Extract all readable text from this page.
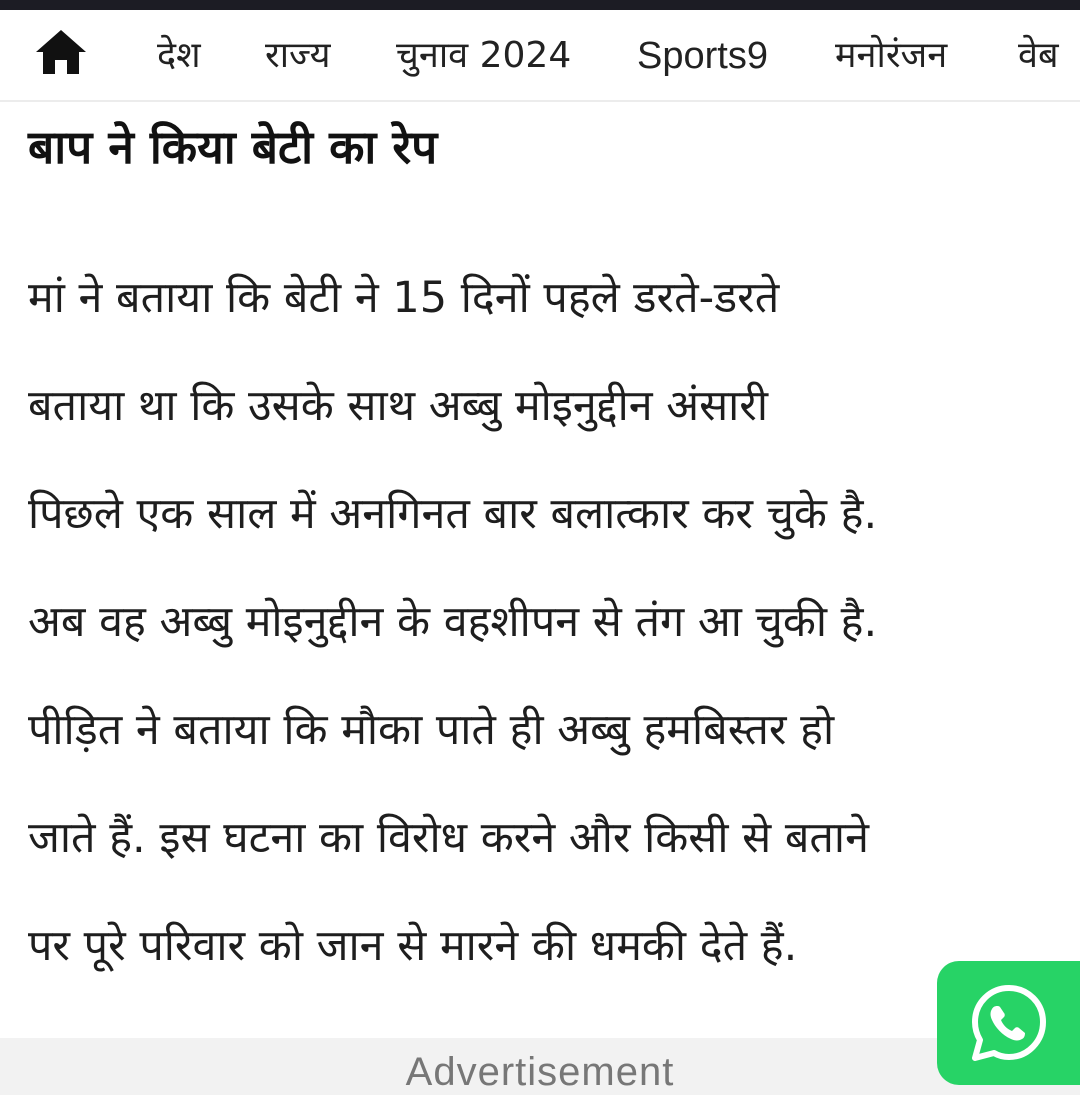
देश राज्य चुनाव 2024 Sports9 मनोरंजन वेब
बाप ने किया बेटी का रेप
मां ने बताया कि बेटी ने 15 दिनों पहले डरते-डरते
बताया था कि उसके साथ अब्बु मोइनुद्दीन अंसारी
पिछले एक साल में अनगिनत बार बलात्कार कर चुके है.
अब वह अब्बु मोइनुद्दीन के वहशीपन से तंग आ चुकी है.
पीड़ित ने बताया कि मौका पाते ही अब्बु हमबिस्तर हो
जाते हैं. इस घटना का विरोध करने और किसी से बताने
पर पूरे परिवार को जान से मारने की धमकी देते हैं.
Advertisement
